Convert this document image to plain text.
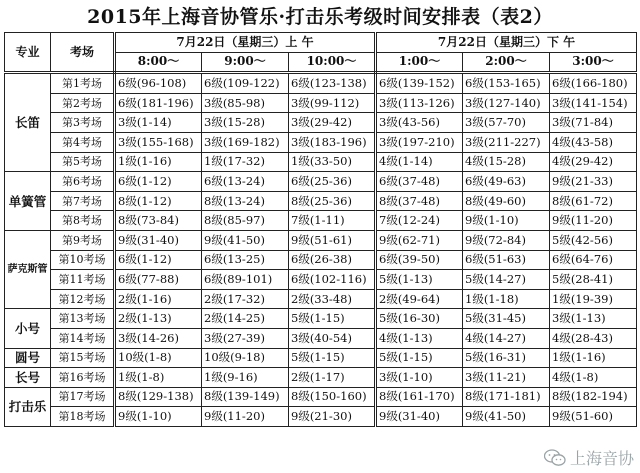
2015年上海音协管乐·打击乐考级时间安排表（表2）
专业	考场	7月22日（星期三）上 午			7月22日（星期三）下 午		
		8:00～	9:00～	10:00～	1:00～	2:00～	3:00～
长笛	第1考场	6级(96-108)	6级(109-122)	6级(123-138)	6级(139-152)	6级(153-165)	6级(166-180)
	第2考场	6级(181-196)	3级(85-98)	3级(99-112)	3级(113-126)	3级(127-140)	3级(141-154)
	第3考场	3级(1-14)	3级(15-28)	3级(29-42)	3级(43-56)	3级(57-70)	3级(71-84)
	第4考场	3级(155-168)	3级(169-182)	3级(183-196)	3级(197-210)	3级(211-227)	4级(43-58)
	第5考场	1级(1-16)	1级(17-32)	1级(33-50)	4级(1-14)	4级(15-28)	4级(29-42)
单簧管	第6考场	6级(1-12)	6级(13-24)	6级(25-36)	6级(37-48)	6级(49-63)	9级(21-33)
	第7考场	8级(1-12)	8级(13-24)	8级(25-36)	8级(37-48)	8级(49-60)	8级(61-72)
	第8考场	8级(73-84)	8级(85-97)	7级(1-11)	7级(12-24)	9级(1-10)	9级(11-20)
萨克斯管	第9考场	9级(31-40)	9级(41-50)	9级(51-61)	9级(62-71)	9级(72-84)	5级(42-56)
	第10考场	6级(1-12)	6级(13-25)	6级(26-38)	6级(39-50)	6级(51-63)	6级(64-76)
	第11考场	6级(77-88)	6级(89-101)	6级(102-116)	5级(1-13)	5级(14-27)	5级(28-41)
	第12考场	2级(1-16)	2级(17-32)	2级(33-48)	2级(49-64)	1级(1-18)	1级(19-39)
小号	第13考场	2级(1-13)	2级(14-25)	5级(1-15)	5级(16-30)	5级(31-45)	3级(1-13)
	第14考场	3级(14-26)	3级(27-39)	3级(40-54)	4级(1-13)	4级(14-27)	4级(28-43)
圆号	第15考场	10级(1-8)	10级(9-18)	5级(1-15)	5级(1-15)	5级(16-31)	1级(1-16)
长号	第16考场	1级(1-8)	1级(9-16)	2级(1-17)	3级(1-10)	3级(11-21)	4级(1-8)
打击乐	第17考场	8级(129-138)	8级(139-149)	8级(150-160)	8级(161-170)	8级(171-181)	8级(182-194)
	第18考场	9级(1-10)	9级(11-20)	9级(21-30)	9级(31-40)	9级(41-50)	9级(51-60)
上海音协
